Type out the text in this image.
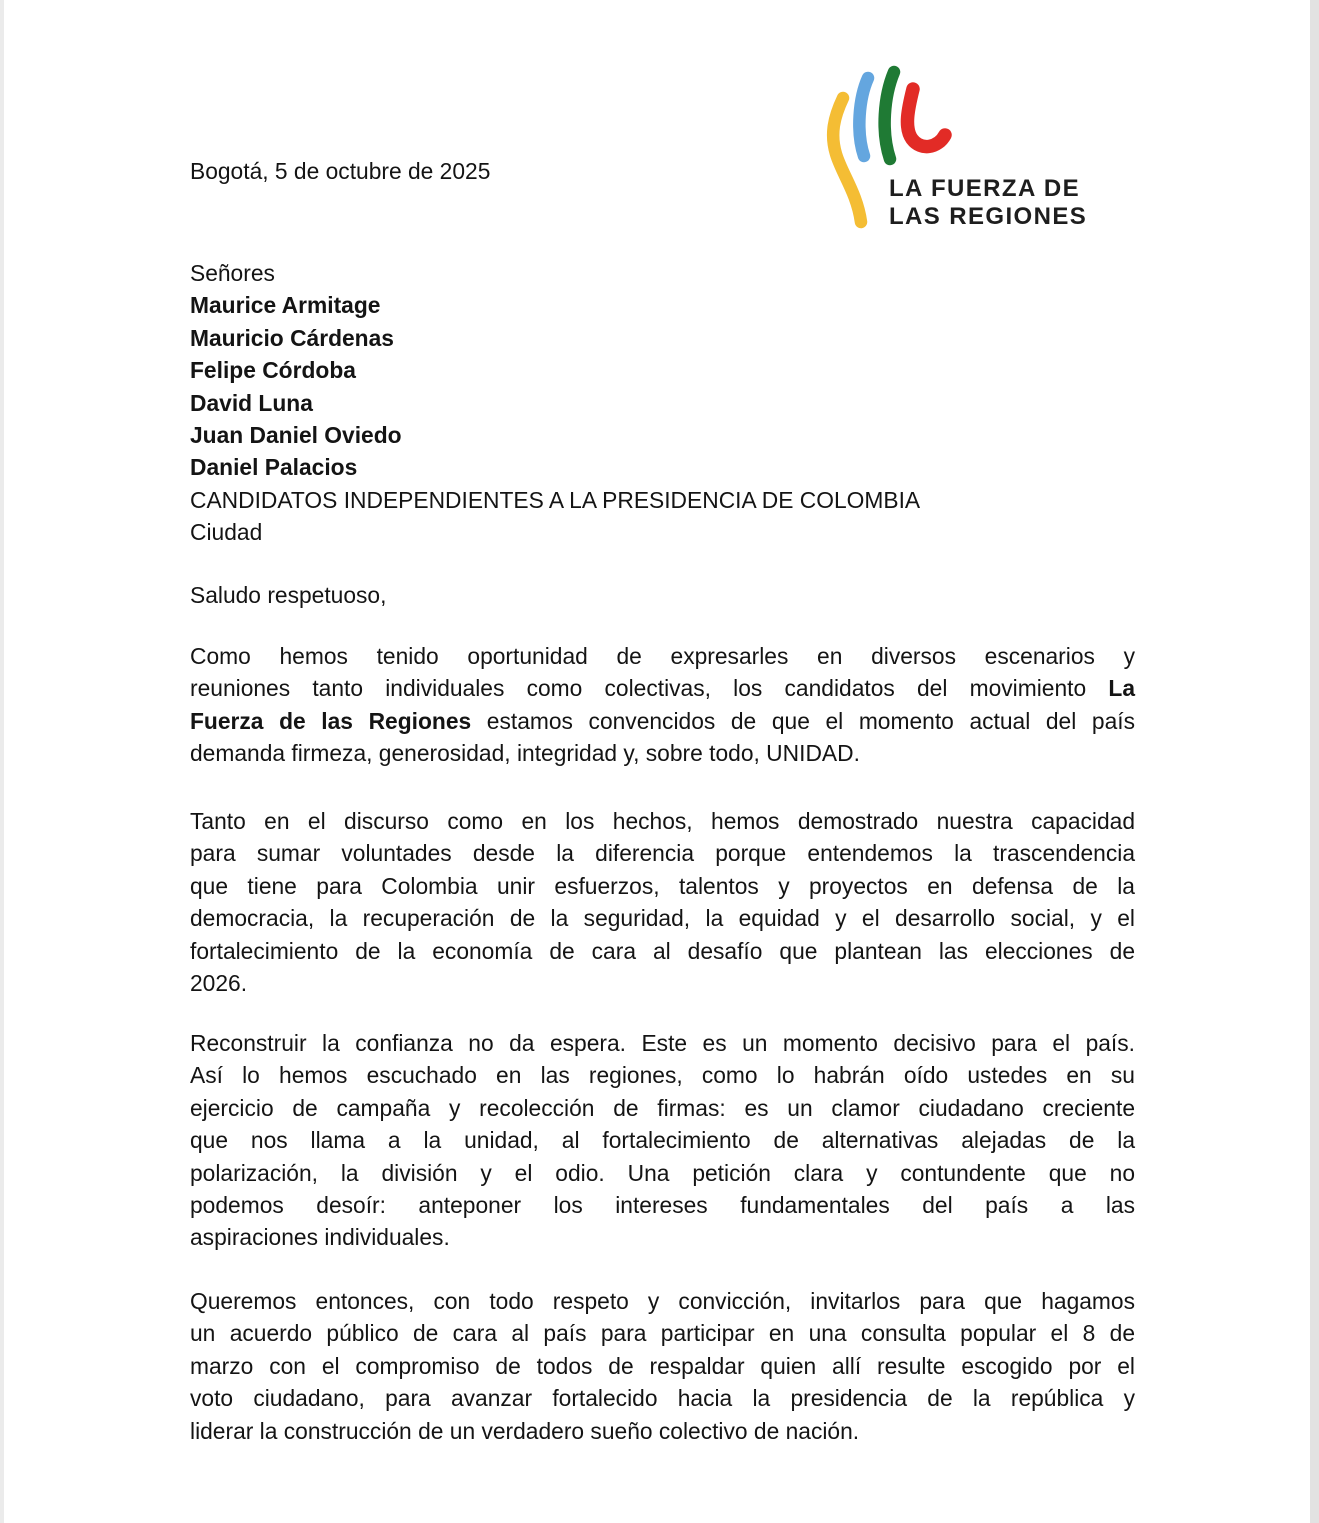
Bogotá, 5 de octubre de 2025
LA FUERZA DE
LAS REGIONES
Señores
Maurice Armitage
Mauricio Cárdenas
Felipe Córdoba
David Luna
Juan Daniel Oviedo
Daniel Palacios
CANDIDATOS INDEPENDIENTES A LA PRESIDENCIA DE COLOMBIA
Ciudad
Saludo respetuoso,
Como hemos tenido oportunidad de expresarles en diversos escenarios y
reuniones tanto individuales como colectivas, los candidatos del movimiento La
Fuerza de las Regiones estamos convencidos de que el momento actual del país
demanda firmeza, generosidad, integridad y, sobre todo, UNIDAD.
Tanto en el discurso como en los hechos, hemos demostrado nuestra capacidad
para sumar voluntades desde la diferencia porque entendemos la trascendencia
que tiene para Colombia unir esfuerzos, talentos y proyectos en defensa de la
democracia, la recuperación de la seguridad, la equidad y el desarrollo social, y el
fortalecimiento de la economía de cara al desafío que plantean las elecciones de
2026.
Reconstruir la confianza no da espera. Este es un momento decisivo para el país.
Así lo hemos escuchado en las regiones, como lo habrán oído ustedes en su
ejercicio de campaña y recolección de firmas: es un clamor ciudadano creciente
que nos llama a la unidad, al fortalecimiento de alternativas alejadas de la
polarización, la división y el odio. Una petición clara y contundente que no
podemos desoír: anteponer los intereses fundamentales del país a las
aspiraciones individuales.
Queremos entonces, con todo respeto y convicción, invitarlos para que hagamos
un acuerdo público de cara al país para participar en una consulta popular el 8 de
marzo con el compromiso de todos de respaldar quien allí resulte escogido por el
voto ciudadano, para avanzar fortalecido hacia la presidencia de la república y
liderar la construcción de un verdadero sueño colectivo de nación.
